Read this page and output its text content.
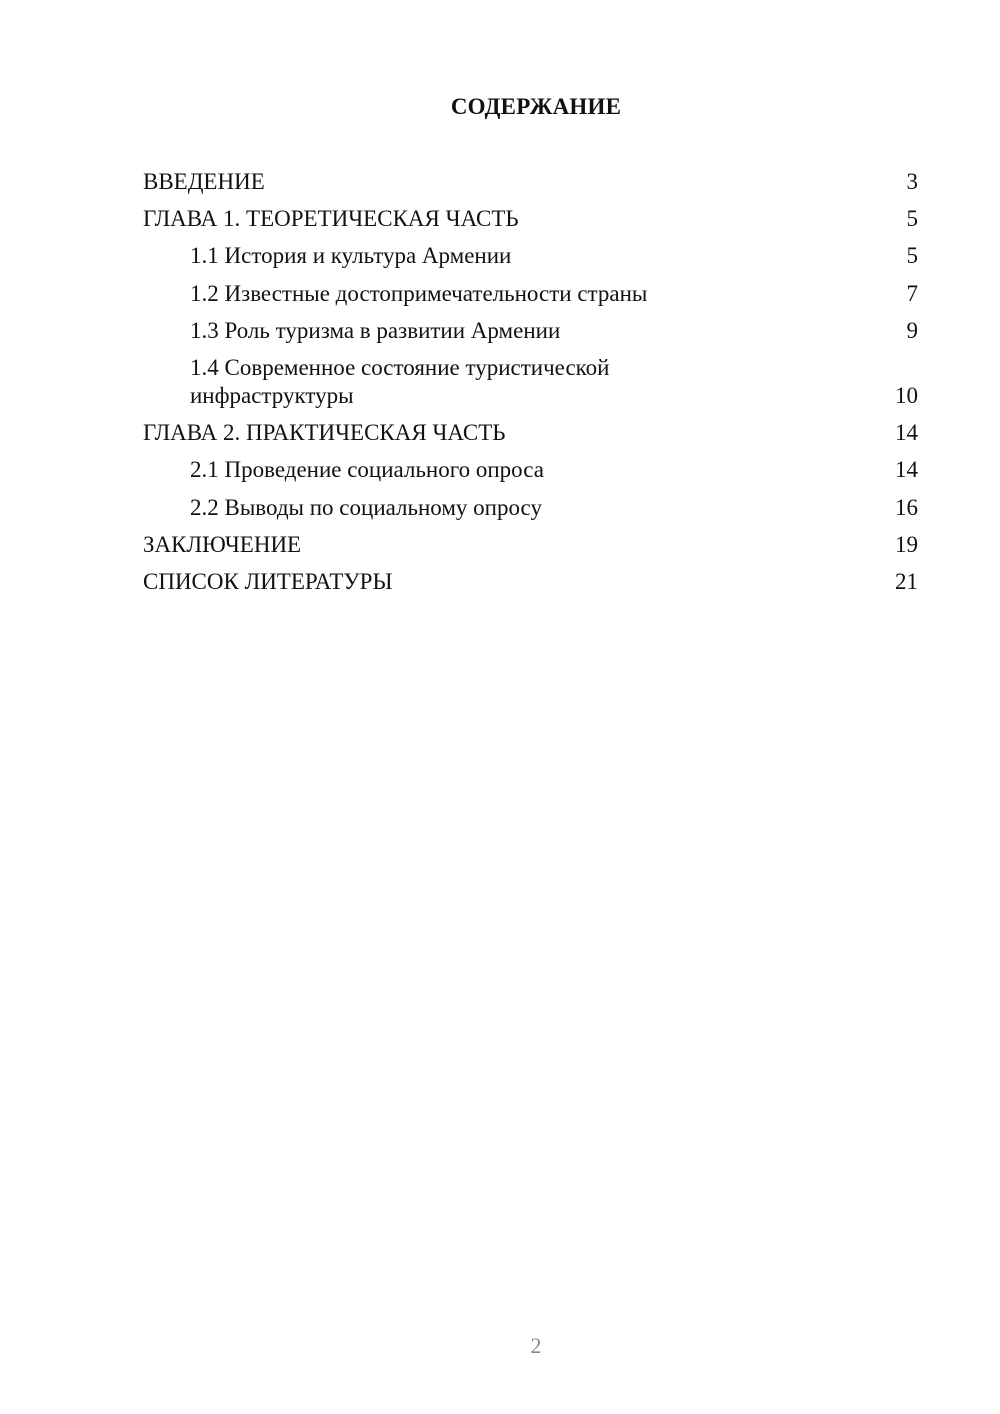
СОДЕРЖАНИЕ
ВВЕДЕНИЕ	3
ГЛАВА 1. ТЕОРЕТИЧЕСКАЯ ЧАСТЬ	5
1.1 История и культура Армении	5
1.2 Известные достопримечательности страны	7
1.3 Роль туризма в развитии Армении	9
1.4 Современное состояние туристической инфраструктуры	10
ГЛАВА 2. ПРАКТИЧЕСКАЯ ЧАСТЬ	14
2.1 Проведение социального опроса	14
2.2 Выводы по социальному опросу	16
ЗАКЛЮЧЕНИЕ	19
СПИСОК ЛИТЕРАТУРЫ	21
2
